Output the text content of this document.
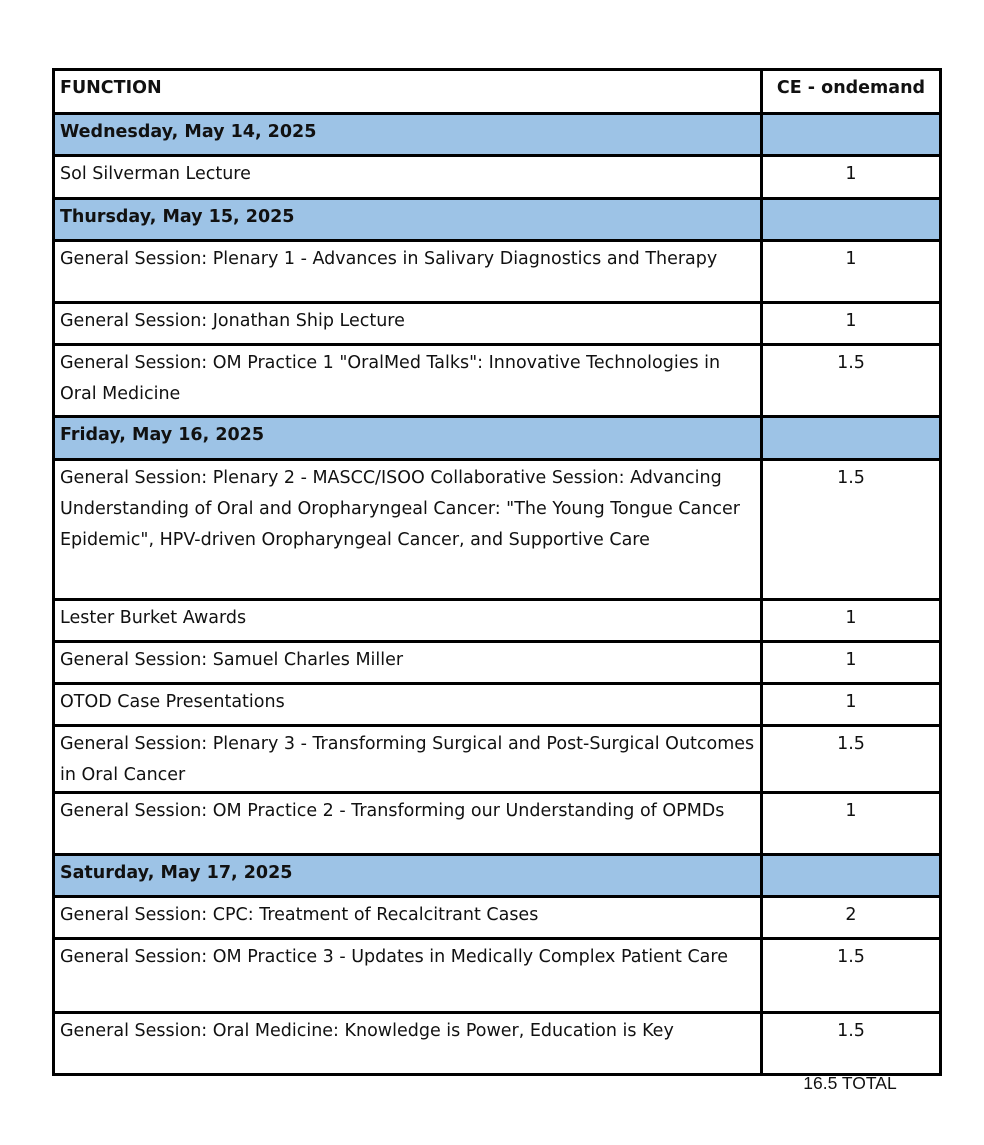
FUNCTION	CE - ondemand
Wednesday, May 14, 2025	
Sol Silverman Lecture	1
Thursday, May 15, 2025	
General Session: Plenary 1 - Advances in Salivary Diagnostics and Therapy	1
General Session: Jonathan Ship Lecture	1
General Session: OM Practice 1 "OralMed Talks": Innovative Technologies in Oral Medicine	1.5
Friday, May 16, 2025	
General Session: Plenary 2 - MASCC/ISOO Collaborative Session: Advancing Understanding of Oral and Oropharyngeal Cancer: "The Young Tongue Cancer Epidemic", HPV-driven Oropharyngeal Cancer, and Supportive Care	1.5
Lester Burket Awards	1
General Session: Samuel Charles Miller	1
OTOD Case Presentations	1
General Session: Plenary 3 - Transforming Surgical and Post-Surgical Outcomes in Oral Cancer	1.5
General Session: OM Practice 2 - Transforming our Understanding of OPMDs	1
Saturday, May 17, 2025	
General Session: CPC: Treatment of Recalcitrant Cases	2
General Session: OM Practice 3 - Updates in Medically Complex Patient Care	1.5
General Session: Oral Medicine: Knowledge is Power, Education is Key	1.5
16.5 TOTAL
